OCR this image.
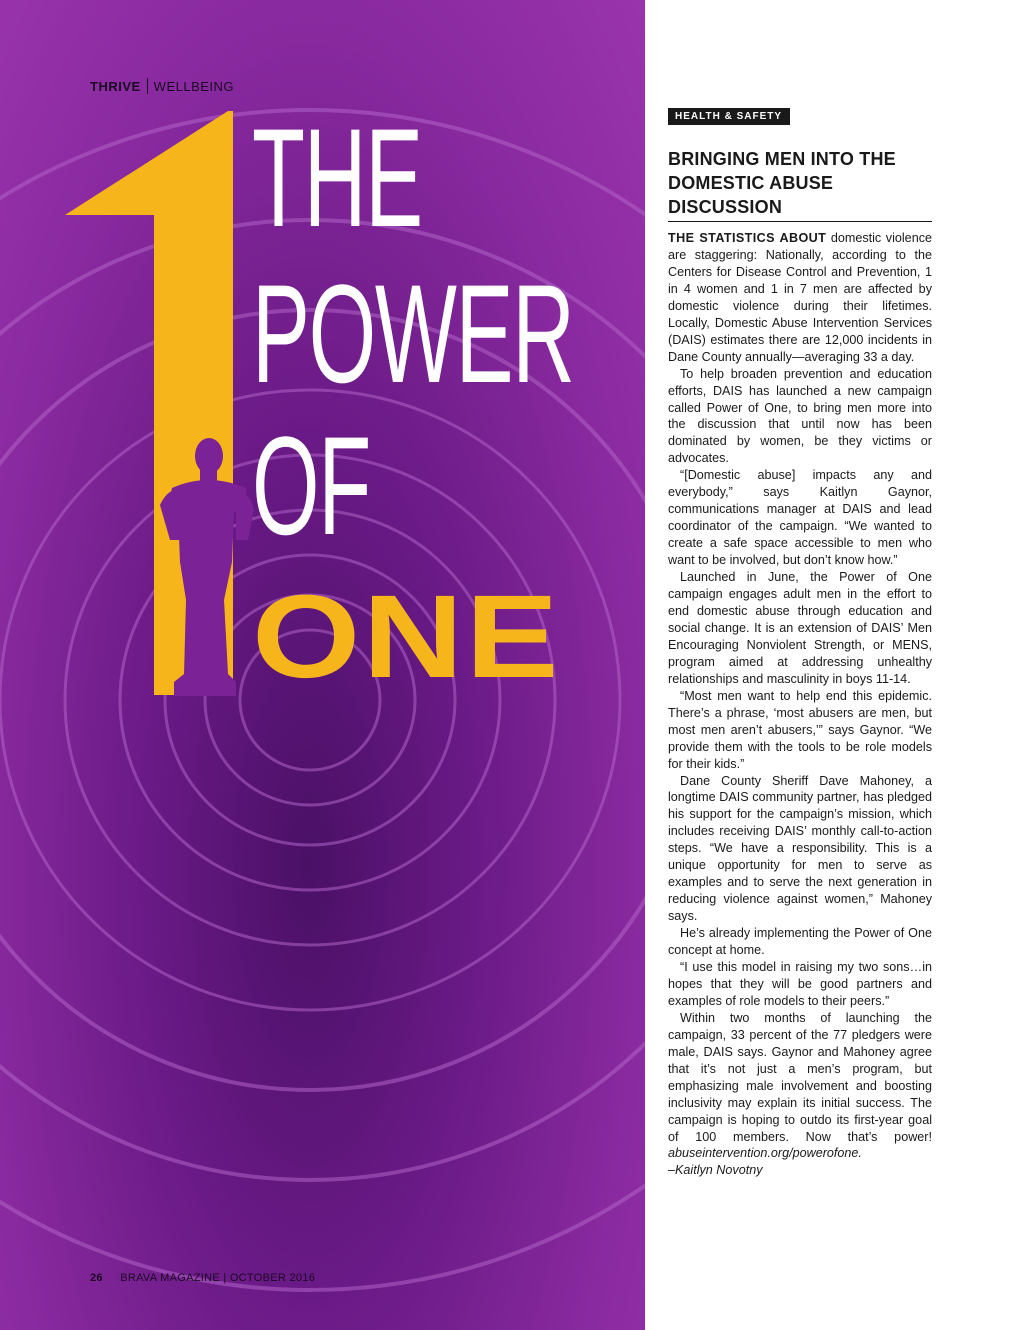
THRIVE WELLBEING
THE
POWER
OF
ONE
26 BRAVA MAGAZINE | OCTOBER 2016
HEALTH & SAFETY
BRINGING MEN INTO THE DOMESTIC ABUSE DISCUSSION

THE STATISTICS ABOUT domestic violence are staggering: Nationally, according to the Centers for Disease Control and Prevention, 1 in 4 women and 1 in 7 men are affected by domestic violence during their lifetimes. Locally, Domestic Abuse Intervention Services (DAIS) estimates there are 12,000 incidents in Dane County annually—averaging 33 a day.

To help broaden prevention and education efforts, DAIS has launched a new campaign called Power of One, to bring men more into the discussion that until now has been dominated by women, be they victims or advocates.

“[Domestic abuse] impacts any and everybody,” says Kaitlyn Gaynor, communications manager at DAIS and lead coordinator of the campaign. “We wanted to create a safe space accessible to men who want to be involved, but don’t know how.”

Launched in June, the Power of One campaign engages adult men in the effort to end domestic abuse through education and social change. It is an extension of DAIS’ Men Encouraging Nonviolent Strength, or MENS, program aimed at addressing unhealthy relationships and masculinity in boys 11-14.

“Most men want to help end this epidemic. There’s a phrase, ‘most abusers are men, but most men aren’t abusers,’” says Gaynor. “We provide them with the tools to be role models for their kids.”

Dane County Sheriff Dave Mahoney, a longtime DAIS community partner, has pledged his support for the campaign’s mission, which includes receiving DAIS’ monthly call-to-action steps. “We have a responsibility. This is a unique opportunity for men to serve as examples and to serve the next generation in reducing violence against women,” Mahoney says.

He’s already implementing the Power of One concept at home.

“I use this model in raising my two sons…in hopes that they will be good partners and examples of role models to their peers.”

Within two months of launching the campaign, 33 percent of the 77 pledgers were male, DAIS says. Gaynor and Mahoney agree that it’s not just a men’s program, but emphasizing male involvement and boosting inclusivity may explain its initial success. The campaign is hoping to outdo its first-year goal of 100 members. Now that’s power! abuseintervention.org/powerofone.
–Kaitlyn Novotny
